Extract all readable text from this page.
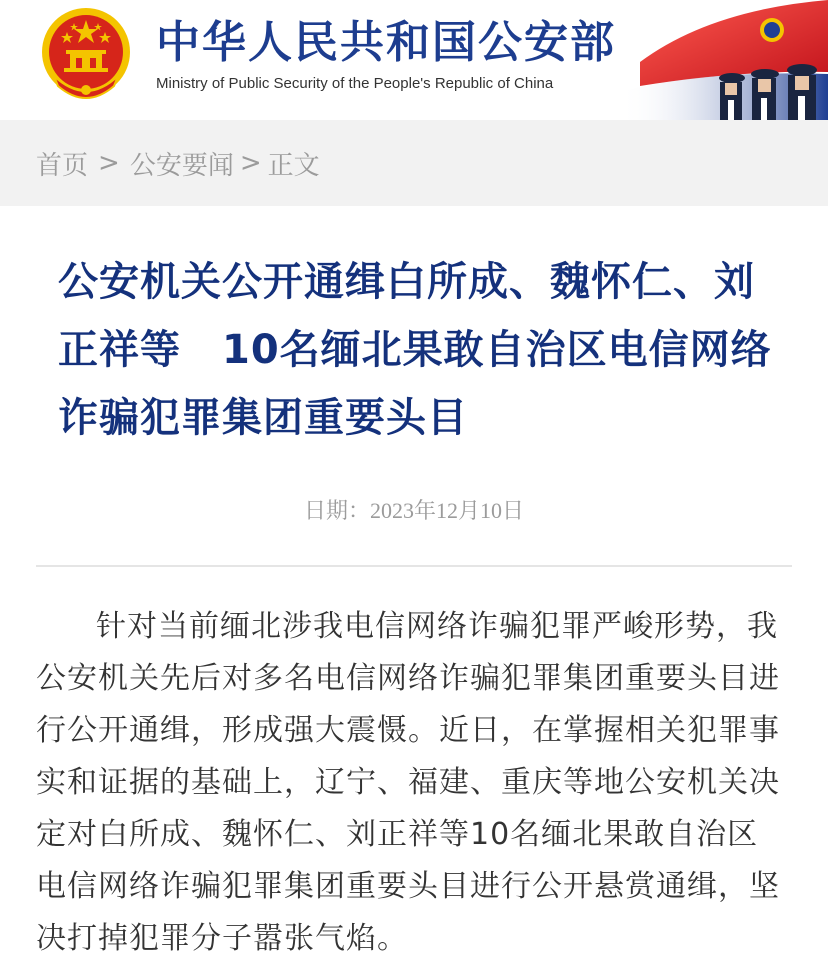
中华人民共和国公安部
Ministry of Public Security of the People's Republic of China
首页 > 公安要闻 > 正文
公安机关公开通缉白所成、魏怀仁、刘正祥等　10名缅北果敢自治区电信网络诈骗犯罪集团重要头目
日期：2023年12月10日

针对当前缅北涉我电信网络诈骗犯罪严峻形势，我公安机关先后对多名电信网络诈骗犯罪集团重要头目进行公开通缉，形成强大震慑。近日，在掌握相关犯罪事实和证据的基础上，辽宁、福建、重庆等地公安机关决定对白所成、魏怀仁、刘正祥等10名缅北果敢自治区电信网络诈骗犯罪集团重要头目进行公开悬赏通缉，坚决打掉犯罪分子嚣张气焰。
